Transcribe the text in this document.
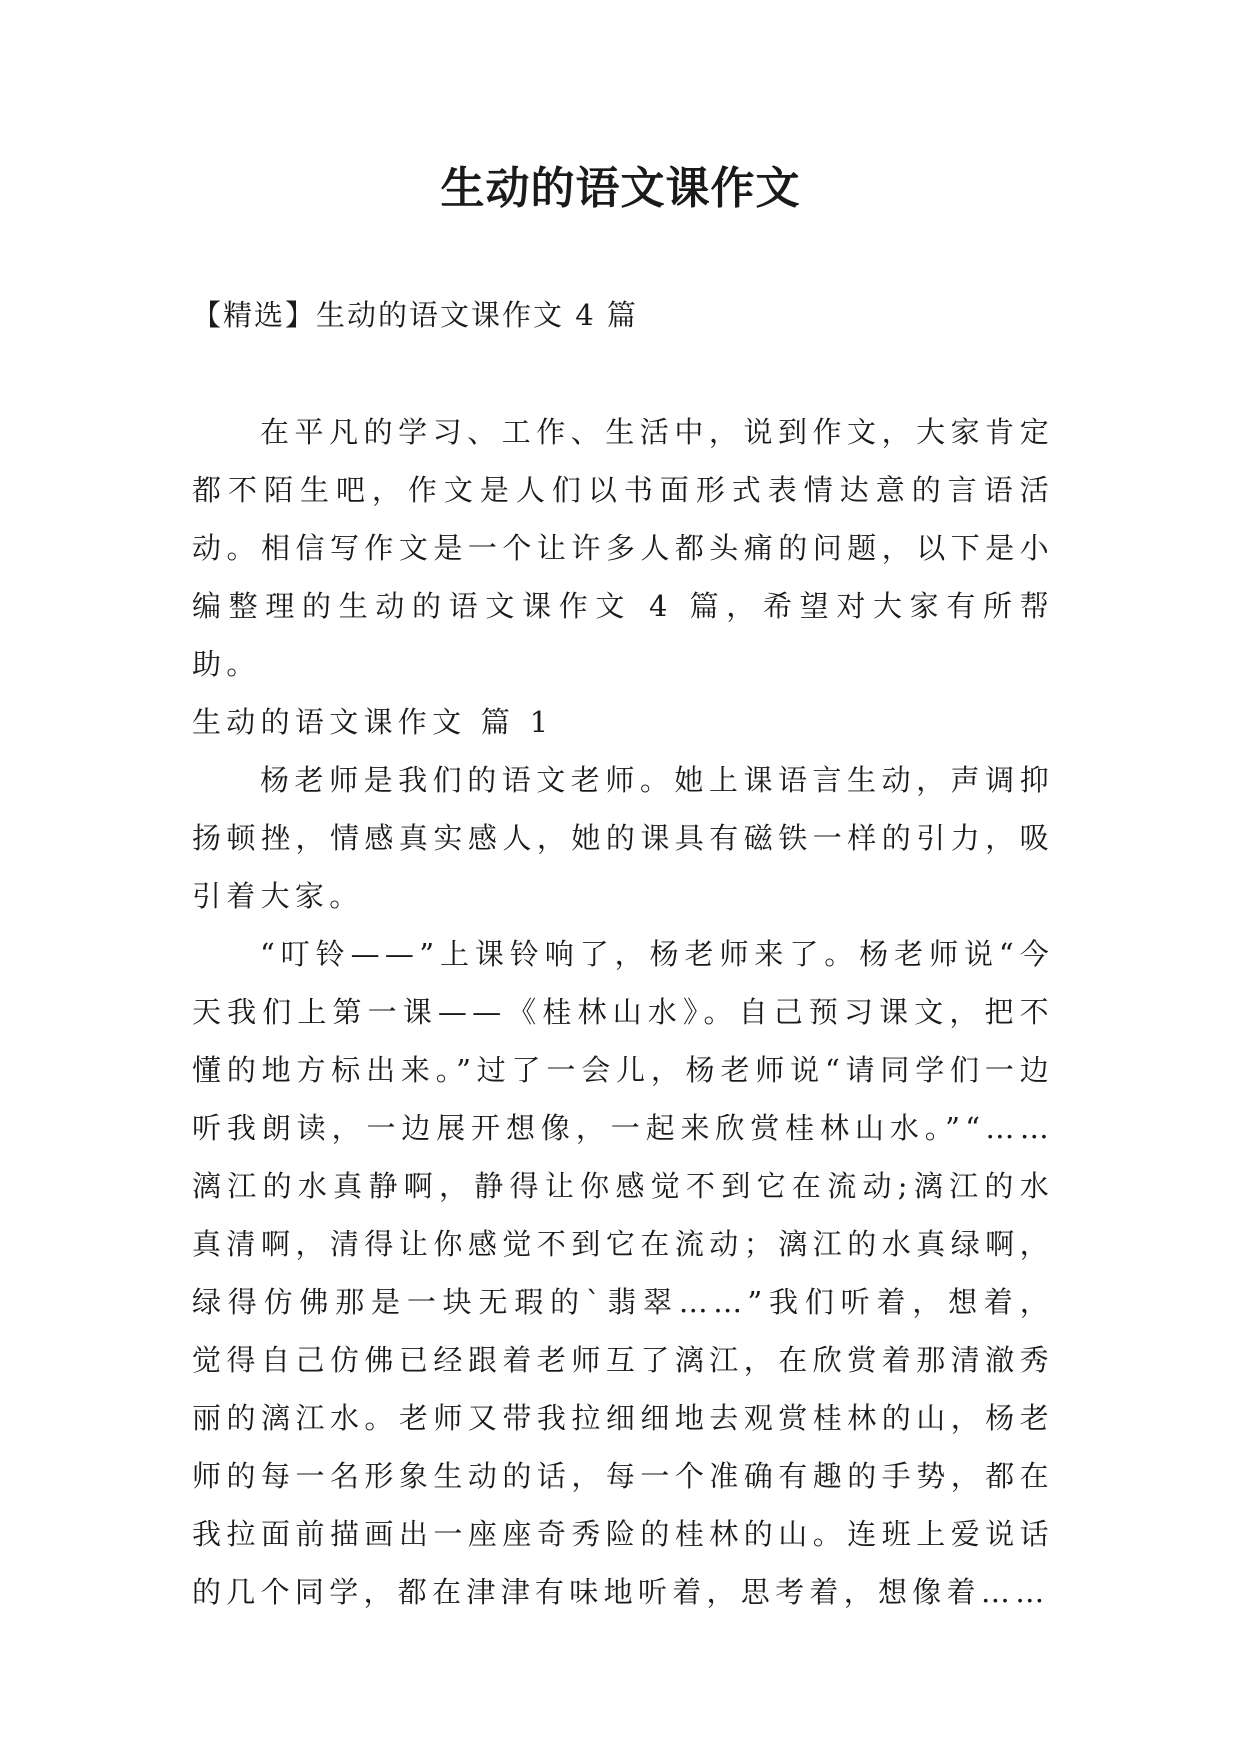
生动的语文课作文

【精选】生动的语文课作文 4 篇

在平凡的学习、工作、生活中，说到作文，大家肯定都不陌生吧，作文是人们以书面形式表情达意的言语活动。相信写作文是一个让许多人都头痛的问题，以下是小编整理的生动的语文课作文 4 篇，希望对大家有所帮助。

生动的语文课作文 篇 1

杨老师是我们的语文老师。她上课语言生动，声调抑扬顿挫，情感真实感人，她的课具有磁铁一样的引力，吸引着大家。

“叮铃——”上课铃响了，杨老师来了。杨老师说“今天我们上第一课——《桂林山水》。自己预习课文，把不懂的地方标出来。”过了一会儿，杨老师说“请同学们一边听我朗读，一边展开想像，一起来欣赏桂林山水。”“……漓江的水真静啊，静得让你感觉不到它在流动;漓江的水真清啊，清得让你感觉不到它在流动；漓江的水真绿啊，绿得仿佛那是一块无瑕的`翡翠……”我们听着，想着，觉得自己仿佛已经跟着老师互了漓江，在欣赏着那清澈秀丽的漓江水。老师又带我拉细细地去观赏桂林的山，杨老师的每一名形象生动的话，每一个准确有趣的手势，都在我拉面前描画出一座座奇秀险的桂林的山。连班上爱说话的几个同学，都在津津有味地听着，思考着，想像着……
